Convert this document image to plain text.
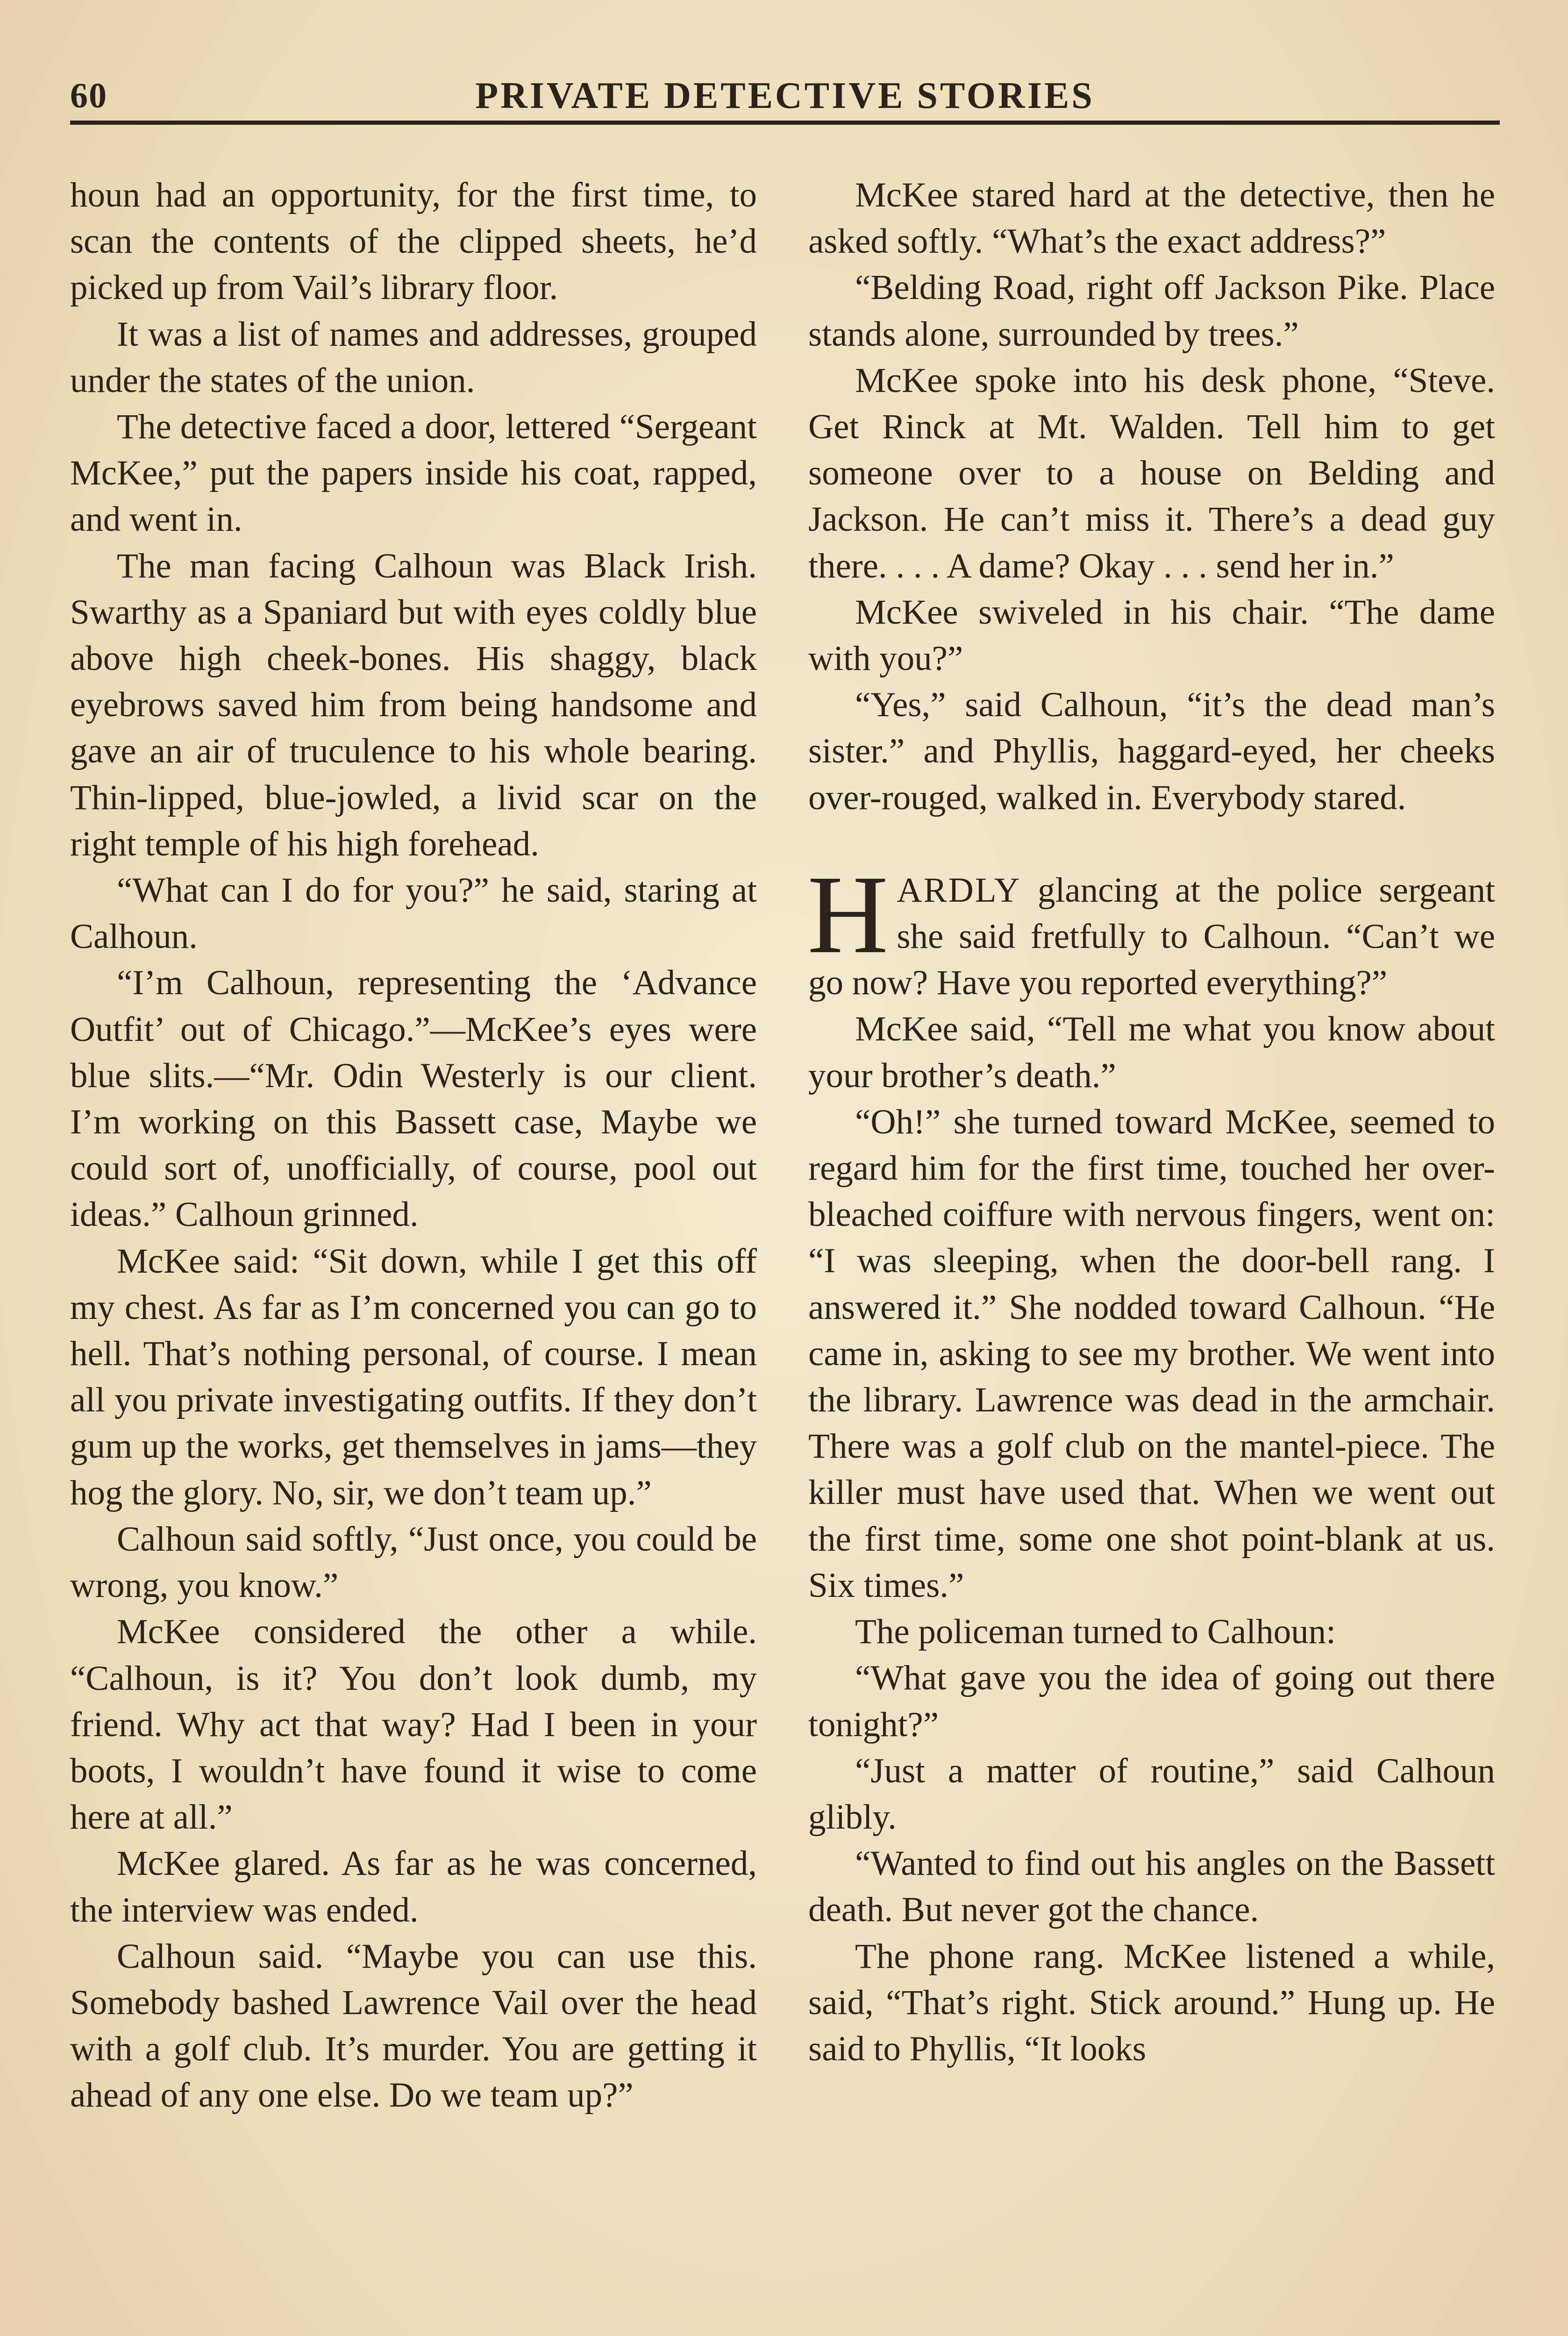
60	PRIVATE DETECTIVE STORIES

houn had an opportunity, for the first time, to scan the contents of the clipped sheets, he’d picked up from Vail’s library floor.

It was a list of names and addresses, grouped under the states of the union.

The detective faced a door, lettered “Sergeant McKee,” put the papers inside his coat, rapped, and went in.

The man facing Calhoun was Black Irish. Swarthy as a Spaniard but with eyes coldly blue above high cheek-bones. His shaggy, black eyebrows saved him from being handsome and gave an air of truculence to his whole bearing. Thin-lipped, blue-jowled, a livid scar on the right temple of his high forehead.

“What can I do for you?” he said, staring at Calhoun.

“I’m Calhoun, representing the ‘Advance Outfit’ out of Chicago.”—McKee’s eyes were blue slits.—“Mr. Odin Westerly is our client. I’m working on this Bassett case, Maybe we could sort of, unofficially, of course, pool out ideas.” Calhoun grinned.

McKee said: “Sit down, while I get this off my chest. As far as I’m concerned you can go to hell. That’s nothing personal, of course. I mean all you private investigating outfits. If they don’t gum up the works, get themselves in jams—they hog the glory. No, sir, we don’t team up.”

Calhoun said softly, “Just once, you could be wrong, you know.”

McKee considered the other a while. “Calhoun, is it? You don’t look dumb, my friend. Why act that way? Had I been in your boots, I wouldn’t have found it wise to come here at all.”

McKee glared. As far as he was concerned, the interview was ended.

Calhoun said. “Maybe you can use this. Somebody bashed Lawrence Vail over the head with a golf club. It’s murder. You are getting it ahead of any one else. Do we team up?”

McKee stared hard at the detective, then he asked softly. “What’s the exact address?”

“Belding Road, right off Jackson Pike. Place stands alone, surrounded by trees.”

McKee spoke into his desk phone, “Steve. Get Rinck at Mt. Walden. Tell him to get someone over to a house on Belding and Jackson. He can’t miss it. There’s a dead guy there. . . . A dame? Okay . . . send her in.”

McKee swiveled in his chair. “The dame with you?”

“Yes,” said Calhoun, “it’s the dead man’s sister.” and Phyllis, haggard-eyed, her cheeks over-rouged, walked in. Everybody stared.

HARDLY glancing at the police sergeant she said fretfully to Calhoun. “Can’t we go now? Have you reported everything?”

McKee said, “Tell me what you know about your brother’s death.”

“Oh!” she turned toward McKee, seemed to regard him for the first time, touched her over-bleached coiffure with nervous fingers, went on: “I was sleeping, when the door-bell rang. I answered it.” She nodded toward Calhoun. “He came in, asking to see my brother. We went into the library. Lawrence was dead in the armchair. There was a golf club on the mantel-piece. The killer must have used that. When we went out the first time, some one shot point-blank at us. Six times.”

The policeman turned to Calhoun:

“What gave you the idea of going out there tonight?”

“Just a matter of routine,” said Calhoun glibly.

“Wanted to find out his angles on the Bassett death. But never got the chance.

The phone rang. McKee listened a while, said, “That’s right. Stick around.” Hung up. He said to Phyllis, “It looks
